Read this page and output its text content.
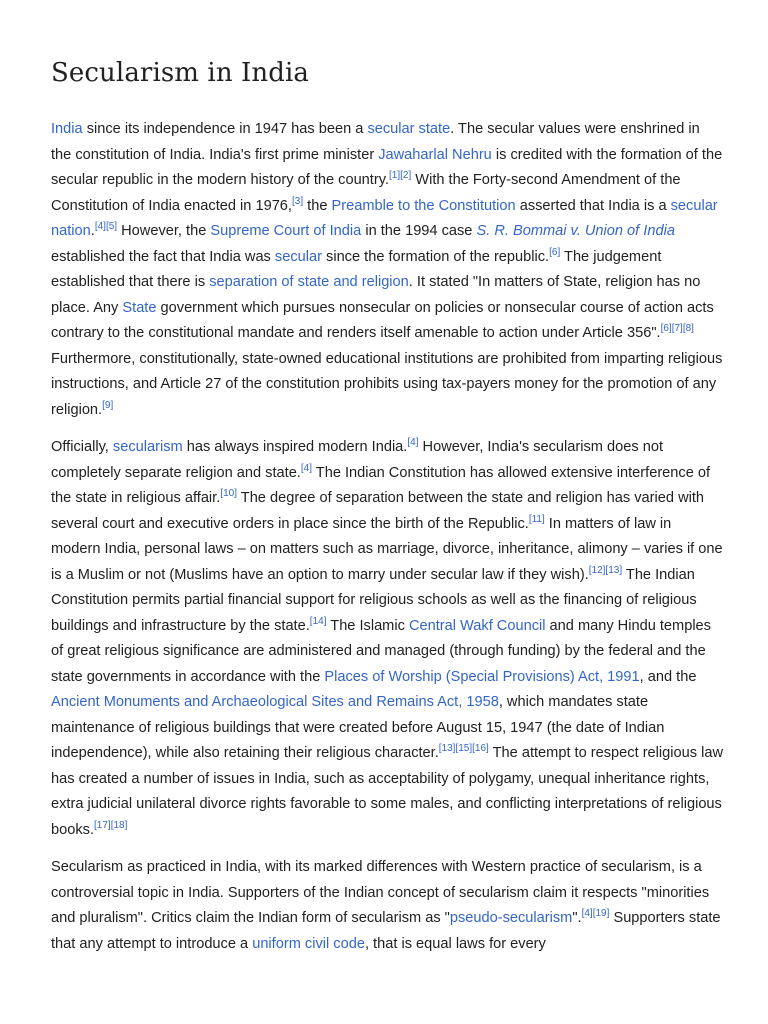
Secularism in India

India since its independence in 1947 has been a secular state. The secular values were enshrined in the constitution of India. India's first prime minister Jawaharlal Nehru is credited with the formation of the secular republic in the modern history of the country.[1][2] With the Forty-second Amendment of the Constitution of India enacted in 1976,[3] the Preamble to the Constitution asserted that India is a secular nation.[4][5] However, the Supreme Court of India in the 1994 case S. R. Bommai v. Union of India established the fact that India was secular since the formation of the republic.[6] The judgement established that there is separation of state and religion. It stated "In matters of State, religion has no place. Any State government which pursues nonsecular on policies or nonsecular course of action acts contrary to the constitutional mandate and renders itself amenable to action under Article 356".[6][7][8] Furthermore, constitutionally, state-owned educational institutions are prohibited from imparting religious instructions, and Article 27 of the constitution prohibits using tax-payers money for the promotion of any religion.[9]

Officially, secularism has always inspired modern India.[4] However, India's secularism does not completely separate religion and state.[4] The Indian Constitution has allowed extensive interference of the state in religious affair.[10] The degree of separation between the state and religion has varied with several court and executive orders in place since the birth of the Republic.[11] In matters of law in modern India, personal laws – on matters such as marriage, divorce, inheritance, alimony – varies if one is a Muslim or not (Muslims have an option to marry under secular law if they wish).[12][13] The Indian Constitution permits partial financial support for religious schools as well as the financing of religious buildings and infrastructure by the state.[14] The Islamic Central Wakf Council and many Hindu temples of great religious significance are administered and managed (through funding) by the federal and the state governments in accordance with the Places of Worship (Special Provisions) Act, 1991, and the Ancient Monuments and Archaeological Sites and Remains Act, 1958, which mandates state maintenance of religious buildings that were created before August 15, 1947 (the date of Indian independence), while also retaining their religious character.[13][15][16] The attempt to respect religious law has created a number of issues in India, such as acceptability of polygamy, unequal inheritance rights, extra judicial unilateral divorce rights favorable to some males, and conflicting interpretations of religious books.[17][18]

Secularism as practiced in India, with its marked differences with Western practice of secularism, is a controversial topic in India. Supporters of the Indian concept of secularism claim it respects "minorities and pluralism". Critics claim the Indian form of secularism as "pseudo-secularism".[4][19] Supporters state that any attempt to introduce a uniform civil code, that is equal laws for every
